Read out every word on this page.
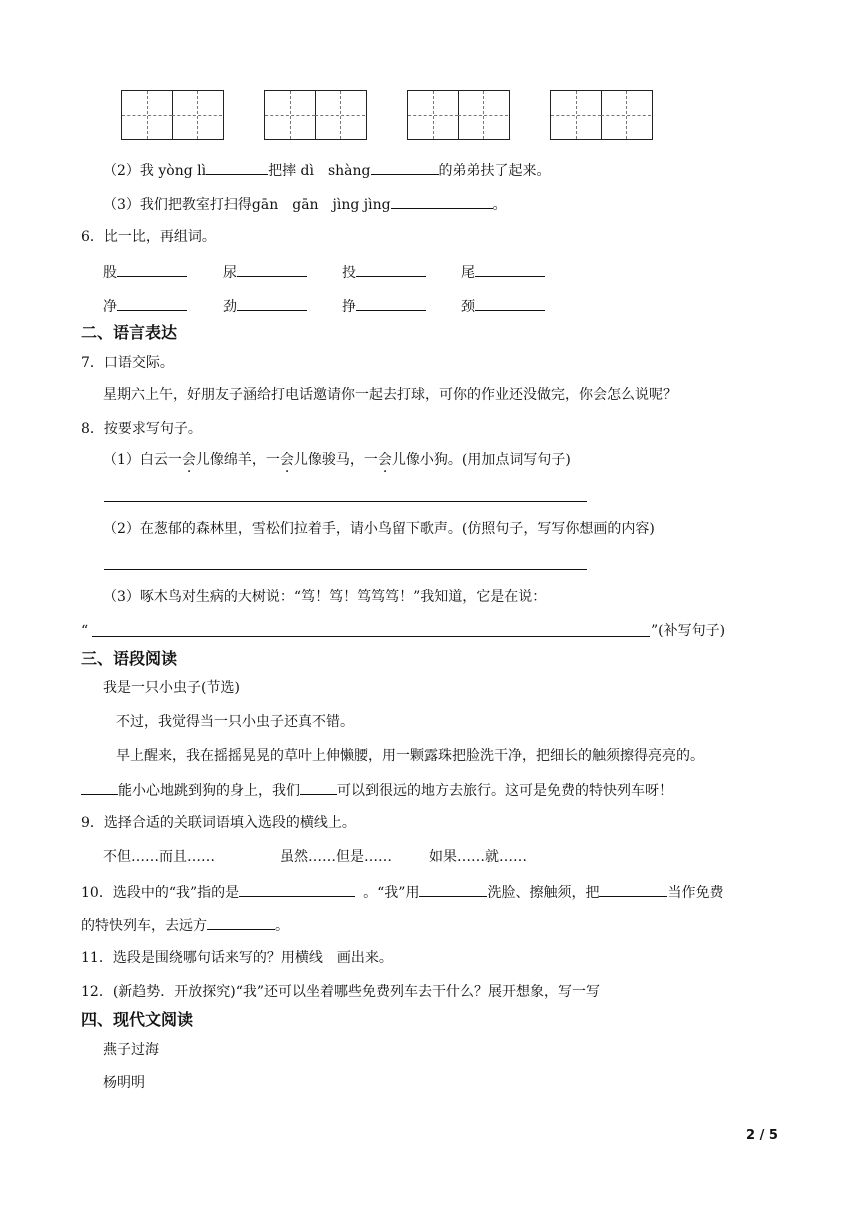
（2）我 yòng lì	把摔 dì　shàng	的弟弟扶了起来。
（3）我们把教室打扫得gān　gān　jìng jìng	。
6．比一比，再组词。
股	尿	投	尾
净	劲	挣	颈
二、语言表达
7．口语交际。
星期六上午，好朋友子涵给打电话邀请你一起去打球，可你的作业还没做完，你会怎么说呢？
8．按要求写句子。
（1）白云一会儿像绵羊，一会儿像骏马，一会儿像小狗。(用加点词写句子)
（2）在葱郁的森林里，雪松们拉着手，请小鸟留下歌声。(仿照句子，写写你想画的内容)
（3）啄木鸟对生病的大树说：“笃！笃！笃笃笃！”我知道，它是在说：
“	”(补写句子)
三、语段阅读
我是一只小虫子(节选)
不过，我觉得当一只小虫子还真不错。
早上醒来，我在摇摇晃晃的草叶上伸懒腰，用一颗露珠把脸洗干净，把细长的触须擦得亮亮的。
能小心地跳到狗的身上，我们	可以到很远的地方去旅行。这可是免费的特快列车呀！
9．选择合适的关联词语填入选段的横线上。
不但……而且……	虽然……但是……	如果……就……
10．选段中的“我”指的是	。“我”用	洗脸、擦触须，把	当作免费
的特快列车，去远方	。
11．选段是围绕哪句话来写的？用横线　画出来。
12．(新趋势．开放探究)“我”还可以坐着哪些免费列车去干什么？展开想象，写一写
四、现代文阅读
燕子过海
杨明明
2 / 5
